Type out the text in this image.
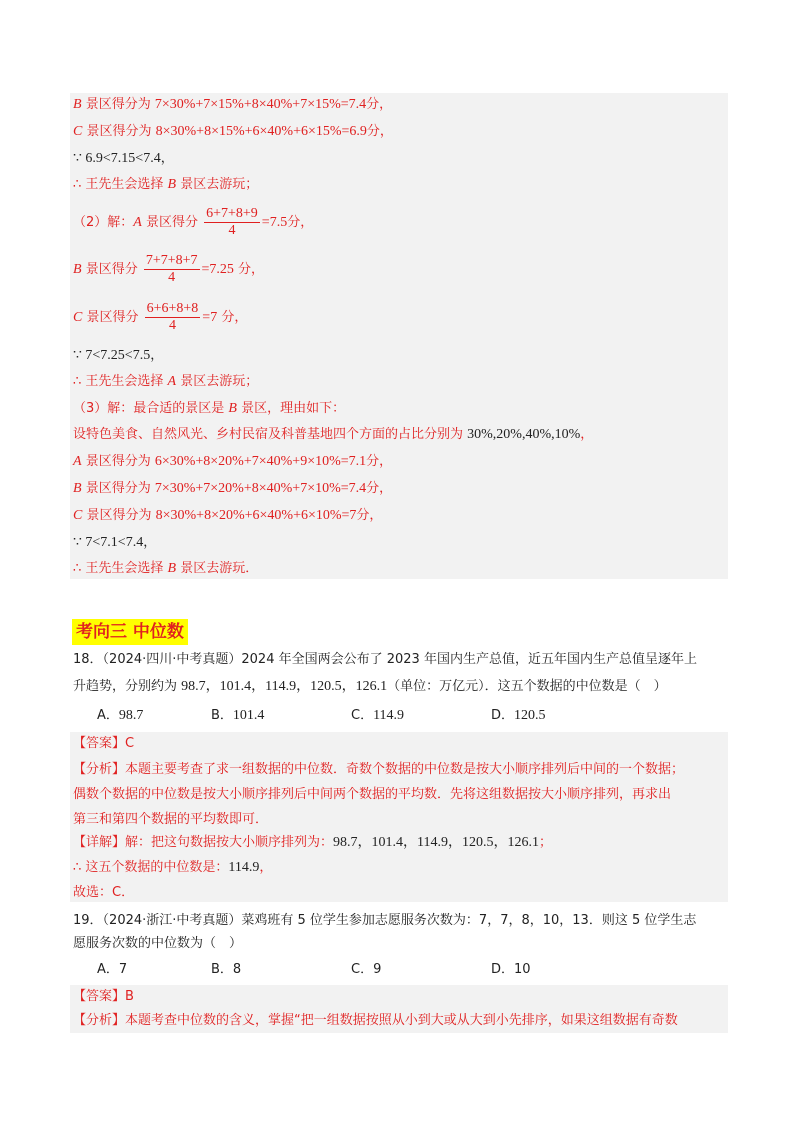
B 景区得分为 7×30%+7×15%+8×40%+7×15%=7.4分，
C 景区得分为 8×30%+8×15%+6×40%+6×15%=6.9分，
∵ 6.9<7.15<7.4，
∴ 王先生会选择 B 景区去游玩；
（2）解：A 景区得分 $\frac{6+7+8+9}{4} =7.5$分，
B 景区得分 $\frac{7+7+8+7}{4} =7.25$ 分，
C 景区得分 $\frac{6+6+8+8}{4} =7$ 分，
∵ 7<7.25<7.5，
∴ 王先生会选择 A 景区去游玩；
（3）解：最合适的景区是 B 景区，理由如下：
设特色美食、自然风光、乡村民宿及科普基地四个方面的占比分别为 30%,20%,40%,10%，
A 景区得分为 6×30%+8×20%+7×40%+9×10%=7.1分，
B 景区得分为 7×30%+7×20%+8×40%+7×10%=7.4分，
C 景区得分为 8×30%+8×20%+6×40%+6×10%=7分，
∵ 7<7.1<7.4，
∴ 王先生会选择 B 景区去游玩．
考向三 中位数
18．（2024·四川·中考真题）2024 年全国两会公布了 2023 年国内生产总值，近五年国内生产总值呈逐年上
升趋势，分别约为 98.7，101.4，114.9，120.5，126.1（单位：万亿元）．这五个数据的中位数是（　）
A．98.7	B．101.4	C．114.9	D．120.5
【答案】C
【分析】本题主要考查了求一组数据的中位数．奇数个数据的中位数是按大小顺序排列后中间的一个数据；
偶数个数据的中位数是按大小顺序排列后中间两个数据的平均数．先将这组数据按大小顺序排列，再求出
第三和第四个数据的平均数即可．
【详解】解：把这句数据按大小顺序排列为：98.7，101.4，114.9，120.5，126.1；
∴ 这五个数据的中位数是：114.9，
故选：C．
19．（2024·浙江·中考真题）菜鸡班有 5 位学生参加志愿服务次数为：7，7，8，10，13．则这 5 位学生志
愿服务次数的中位数为（　）
A．7	B．8	C．9	D．10
【答案】B
【分析】本题考查中位数的含义，掌握“把一组数据按照从小到大或从大到小先排序，如果这组数据有奇数
